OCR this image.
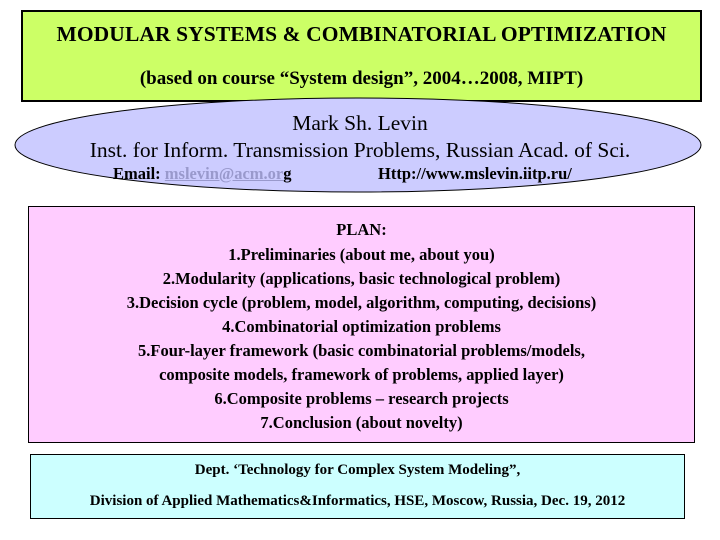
MODULAR SYSTEMS & COMBINATORIAL OPTIMIZATION
(based on course “System design”, 2004…2008, MIPT)
Mark Sh. Levin
Inst. for Inform. Transmission Problems, Russian Acad. of Sci.
Email: mslevin@acm.org	Http://www.mslevin.iitp.ru/
PLAN:
1.Preliminaries (about me, about you)
2.Modularity (applications, basic technological problem)
3.Decision cycle (problem, model, algorithm, computing, decisions)
4.Combinatorial optimization problems
5.Four-layer framework (basic combinatorial problems/models,
composite models, framework of problems, applied layer)
6.Composite problems – research projects
7.Conclusion (about novelty)
Dept. ‘Technology for Complex System Modeling”,
Division of Applied Mathematics&Informatics, HSE, Moscow, Russia, Dec. 19, 2012
